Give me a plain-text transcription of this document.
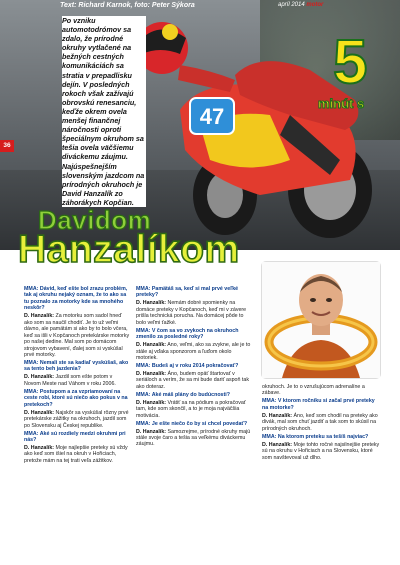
47
Text: Richard Karnok, foto: Peter Sýkora	apríl 2014 motor
Po vzniku automotodrómov sa zdalo, že prírodné okruhy vytlačené na bežných cestných komunikáciách sa stratia v prepadlisku dejín. V posledných rokoch však zažívajú obrovskú renesanciu, keďže okrem ovela menšej finančnej náročnosti oproti špeciálnym okruhom sa tešia ovela väčšiemu diváckemu záujmu. Najúspešnejším slovenským jazdcom na prírodných okruhoch je David Hanzalík zo záhorákych Kopčian.
36
5
minút s
Davidom
Hanzalíkom

MMA: Dávid, keď ešte bol zrazu problém, tak aj okruhu nejaký oznam, že to ako sa tu poznalo za motorky kde sa mnohého neskôr?

D. Hanzalík: Za motorku som sadol hneď ako som sa naučil chodiť. Je to už veľmi dávno, ale pamätám si ako by to bolo včera, keď sa išli v Kopčanoch pretekárske motorky po našej dedine. Mal som po domácom strojovom vybavení, ďalej som si vyskúšal prvé motorky.

MMA: Nemali ste sa kadiaľ vyskúšaš, ako sa tento beh jazdenia?

D. Hanzalík: Jazdil som ešte potom v Novom Meste nad Váhom v roku 2006.

MMA: Postupom a za vzpriamovaní na ceste robí, ktoré sú niečo ako pokus v na pretekoch?

D. Hanzalík: Najskôr sa vyskúšal rôzny prvé pretekárske zážitky na okruhoch, jazdil som po Slovensku aj Českej republike.

MMA: Aké sú rozdiely medzi okruhmi pri nás?

D. Hanzalík: Moje najlepšie preteky sú vždy ako keď som išiel na okruh v Hořiciach, pretože mám na tej trati veľa zážitkov.

MMA: Pamätáš sa, keď si mal prvé veľké preteky?

D. Hanzalík: Nemám dobré spomienky na domáce preteky v Kopčanoch, keď mi v závere prišla technická porucha. Na domácej pôde to bolo veľmi ťažké.

MMA: V čom sa vo zvykoch na okruhoch zmenilo za posledné roky?

D. Hanzalík: Ano, veľmi, ako sa zvykne, ale je to stále aj vďaka sponzorom a ľuďom okolo motoriek.

MMA: Budeš aj v roku 2014 pokračovať?

D. Hanzalík: Áno, budem opäť štartovať v seriáloch a verím, že sa mi bude dariť aspoň tak ako doteraz.

MMA: Aké máš plány do budúcnosti?

D. Hanzalík: Vrátiť sa na pódium a pokračovať tam, kde som skončil, a to je moja najväčšia motivácia.

MMA: Je ešte niečo čo by si chcel povedať?

D. Hanzalík: Samozrejme, prírodné okruhy majú stále svoje čaro a tešia sa veľkému diváckemu záujmu.

okruhoch. Je to o vzrušujúcom adrenalíne a zábave.

MMA: V ktorom ročníku si začal prvé preteky na motorke?

D. Hanzalík: Áno, keď som chodil na preteky ako divák, mal som chuť jazdiť a tak som to skúsil na prírodných okruhoch.

MMA: Na ktorom preteku sa tešíš najviac?

D. Hanzalík: Moje tohto ročné najsilnejšie preteky sú na okruhu v Hořiciach a na Slovensku, ktoré som navštevoval už dlho.
